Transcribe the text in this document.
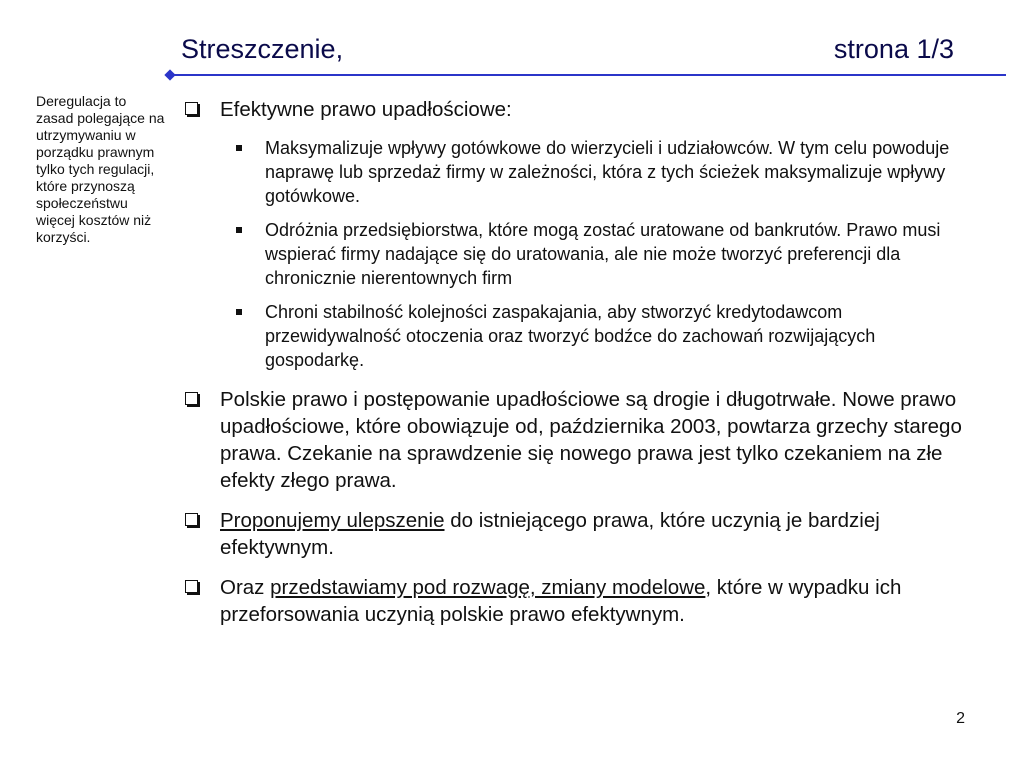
Streszczenie,	strona 1/3
Deregulacja to zasad polegające na utrzymywaniu w porządku prawnym tylko tych regulacji, które przynoszą społeczeństwu więcej kosztów niż korzyści.
Efektywne prawo upadłościowe:
Maksymalizuje wpływy gotówkowe do wierzycieli i udziałowców. W tym celu powoduje naprawę lub sprzedaż firmy w zależności, która z tych ścieżek maksymalizuje wpływy gotówkowe.
Odróżnia przedsiębiorstwa, które mogą zostać uratowane od bankrutów. Prawo musi wspierać firmy nadające się do uratowania, ale nie może tworzyć preferencji dla chronicznie nierentownych firm
Chroni stabilność kolejności zaspakajania, aby stworzyć kredytodawcom przewidywalność otoczenia oraz tworzyć bodźce do zachowań rozwijających gospodarkę.
Polskie prawo i postępowanie upadłościowe są drogie i długotrwałe. Nowe prawo upadłościowe, które obowiązuje od, października 2003, powtarza grzechy starego prawa. Czekanie na sprawdzenie się nowego prawa jest tylko czekaniem na złe efekty złego prawa.
Proponujemy ulepszenie do istniejącego prawa, które uczynią je bardziej efektywnym.
Oraz przedstawiamy pod rozwagę, zmiany modelowe, które w wypadku ich przeforsowania uczynią polskie prawo efektywnym.
2
